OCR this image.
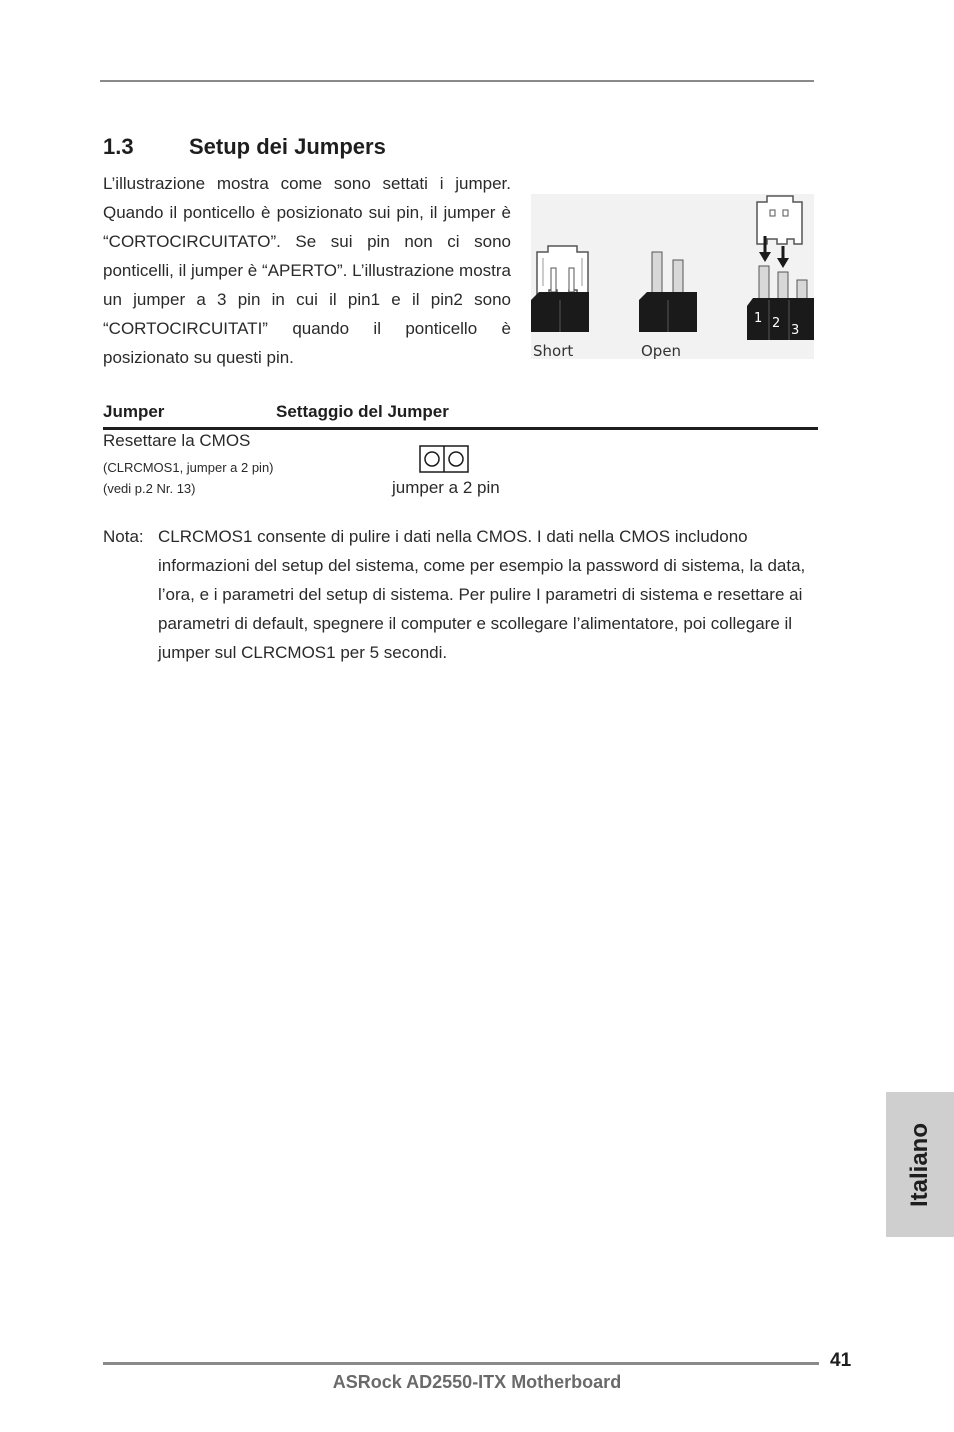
1.3	Setup dei Jumpers

L’illustrazione mostra come sono settati i jumper. Quando il ponticello è posizionato sui pin, il jumper è “CORTOCIRCUITATO”. Se sui pin non ci sono ponticelli, il jumper è “APERTO”. L’illustrazione mostra un jumper a 3 pin in cui il pin1 e il pin2 sono “CORTOCIRCUITATI” quando il ponticello è posizionato su questi pin.	Short	Open
1 2 3
Jumper	Settaggio del Jumper
Resettare la CMOS
(CLRCMOS1, jumper a 2 pin)
(vedi p.2 Nr. 13)	jumper a 2 pin
Nota: CLRCMOS1 consente di pulire i dati nella CMOS. I dati nella CMOS includono informazioni del setup del sistema, come per esempio la password di sistema, la data, l’ora, e i parametri del setup di sistema. Per pulire I parametri di sistema e resettare ai parametri di default, spegnere il computer e scollegare l’alimentatore, poi collegare il jumper sul CLRCMOS1 per 5 secondi.

Italiano
41
ASRock AD2550-ITX Motherboard
